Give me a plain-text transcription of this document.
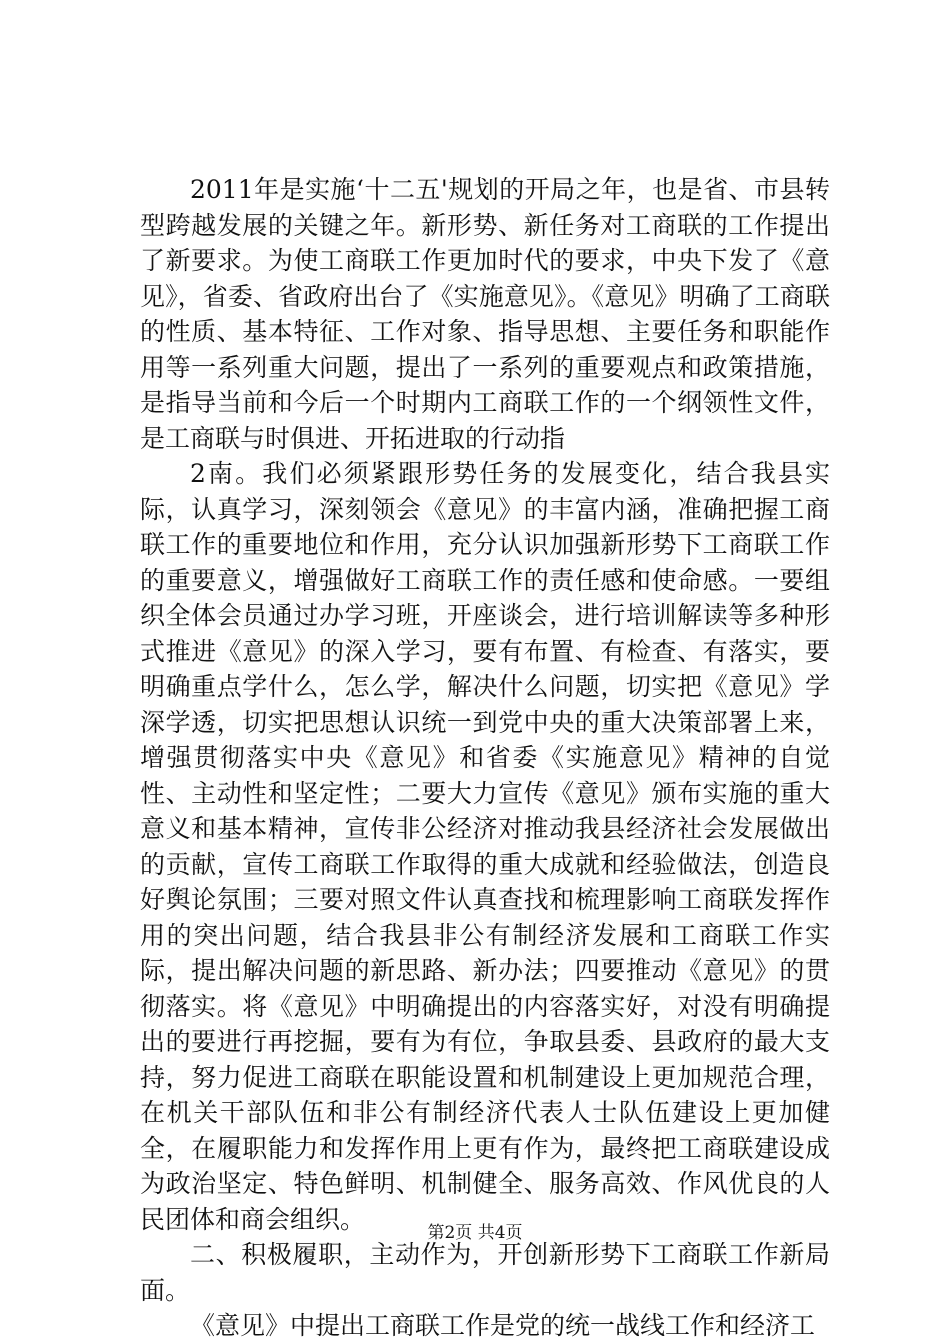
2011年是实施‘十二五'规划的开局之年，也是省、市县转型跨越发展的关键之年。新形势、新任务对工商联的工作提出了新要求。为使工商联工作更加时代的要求，中央下发了《意见》，省委、省政府出台了《实施意见》。《意见》明确了工商联的性质、基本特征、工作对象、指导思想、主要任务和职能作用等一系列重大问题，提出了一系列的重要观点和政策措施，是指导当前和今后一个时期内工商联工作的一个纲领性文件，是工商联与时俱进、开拓进取的行动指

2南。我们必须紧跟形势任务的发展变化，结合我县实际，认真学习，深刻领会《意见》的丰富内涵，准确把握工商联工作的重要地位和作用，充分认识加强新形势下工商联工作的重要意义，增强做好工商联工作的责任感和使命感。一要组织全体会员通过办学习班，开座谈会，进行培训解读等多种形式推进《意见》的深入学习，要有布置、有检查、有落实，要明确重点学什么，怎么学，解决什么问题，切实把《意见》学深学透，切实把思想认识统一到党中央的重大决策部署上来，增强贯彻落实中央《意见》和省委《实施意见》精神的自觉性、主动性和坚定性；二要大力宣传《意见》颁布实施的重大意义和基本精神，宣传非公经济对推动我县经济社会发展做出的贡献，宣传工商联工作取得的重大成就和经验做法，创造良好舆论氛围；三要对照文件认真查找和梳理影响工商联发挥作用的突出问题，结合我县非公有制经济发展和工商联工作实际，提出解决问题的新思路、新办法；四要推动《意见》的贯彻落实。将《意见》中明确提出的内容落实好，对没有明确提出的要进行再挖掘，要有为有位，争取县委、县政府的最大支持，努力促进工商联在职能设置和机制建设上更加规范合理，在机关干部队伍和非公有制经济代表人士队伍建设上更加健全，在履职能力和发挥作用上更有作为，最终把工商联建设成为政治坚定、特色鲜明、机制健全、服务高效、作风优良的人民团体和商会组织。

二、积极履职，主动作为，开创新形势下工商联工作新局面。

《意见》中提出工商联工作是党的统一战线工作和经济工

第2页 共4页
